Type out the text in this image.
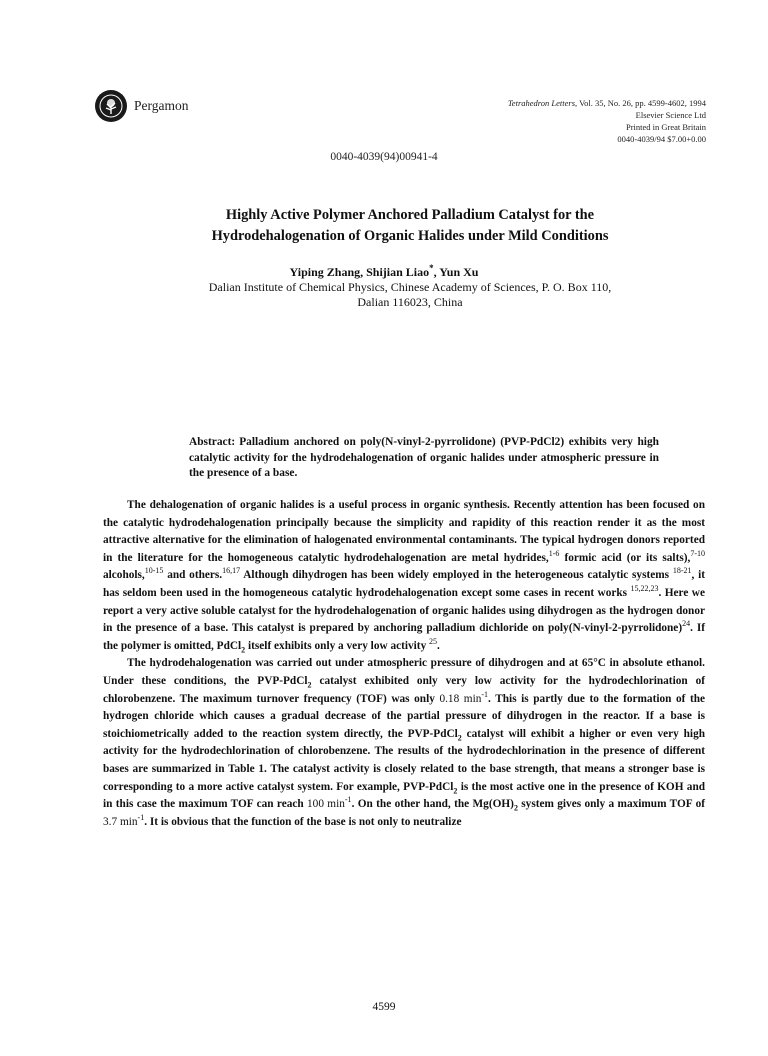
Pergamon	Tetrahedron Letters, Vol. 35, No. 26, pp. 4599-4602, 1994
Elsevier Science Ltd
Printed in Great Britain
0040-4039/94 $7.00+0.00
0040-4039(94)00941-4
Highly Active Polymer Anchored Palladium Catalyst for the
Hydrodehalogenation of Organic Halides under Mild Conditions
Yiping Zhang, Shijian Liao*, Yun Xu
Dalian Institute of Chemical Physics, Chinese Academy of Sciences, P. O. Box 110,
Dalian 116023, China
Abstract: Palladium anchored on poly(N-vinyl-2-pyrrolidone) (PVP-PdCl2) exhibits very high catalytic activity for the hydrodehalogenation of organic halides under atmospheric pressure in the presence of a base.

The dehalogenation of organic halides is a useful process in organic synthesis. Recently attention has been focused on the catalytic hydrodehalogenation principally because the simplicity and rapidity of this reaction render it as the most attractive alternative for the elimination of halogenated environmental contaminants. The typical hydrogen donors reported in the literature for the homogeneous catalytic hydrodehalogenation are metal hydrides,$^{1-6}$ formic acid (or its salts),$^{7-10}$ alcohols,$^{10-15}$ and others.$^{16,17}$ Although dihydrogen has been widely employed in the heterogeneous catalytic systems $^{18-21}$, it has seldom been used in the homogeneous catalytic hydrodehalogenation except some cases in recent works $^{15,22,23}$. Here we report a very active soluble catalyst for the hydrodehalogenation of organic halides using dihydrogen as the hydrogen donor in the presence of a base. This catalyst is prepared by anchoring palladium dichloride on poly(N-vinyl-2-pyrrolidone)$^{24}$. If the polymer is omitted, PdCl$_2$ itself exhibits only a very low activity $^{25}$.

The hydrodehalogenation was carried out under atmospheric pressure of dihydrogen and at 65°C in absolute ethanol. Under these conditions, the PVP-PdCl$_2$ catalyst exhibited only very low activity for the hydrodechlorination of chlorobenzene. The maximum turnover frequency (TOF) was only 0.18 $\min^{-1}$. This is partly due to the formation of the hydrogen chloride which causes a gradual decrease of the partial pressure of dihydrogen in the reactor. If a base is stoichiometrically added to the reaction system directly, the PVP-PdCl$_2$ catalyst will exhibit a higher or even very high activity for the hydrodechlorination of chlorobenzene. The results of the hydrodechlorination in the presence of different bases are summarized in Table 1. The catalyst activity is closely related to the base strength, that means a stronger base is corresponding to a more active catalyst system. For example, PVP-PdCl$_2$ is the most active one in the presence of KOH and in this case the maximum TOF can reach 100 $\min^{-1}$. On the other hand, the $Mg(OH)_2$ system gives only a maximum TOF of 3.7 $\min^{-1}$. It is obvious that the function of the base is not only to neutralize

4599
